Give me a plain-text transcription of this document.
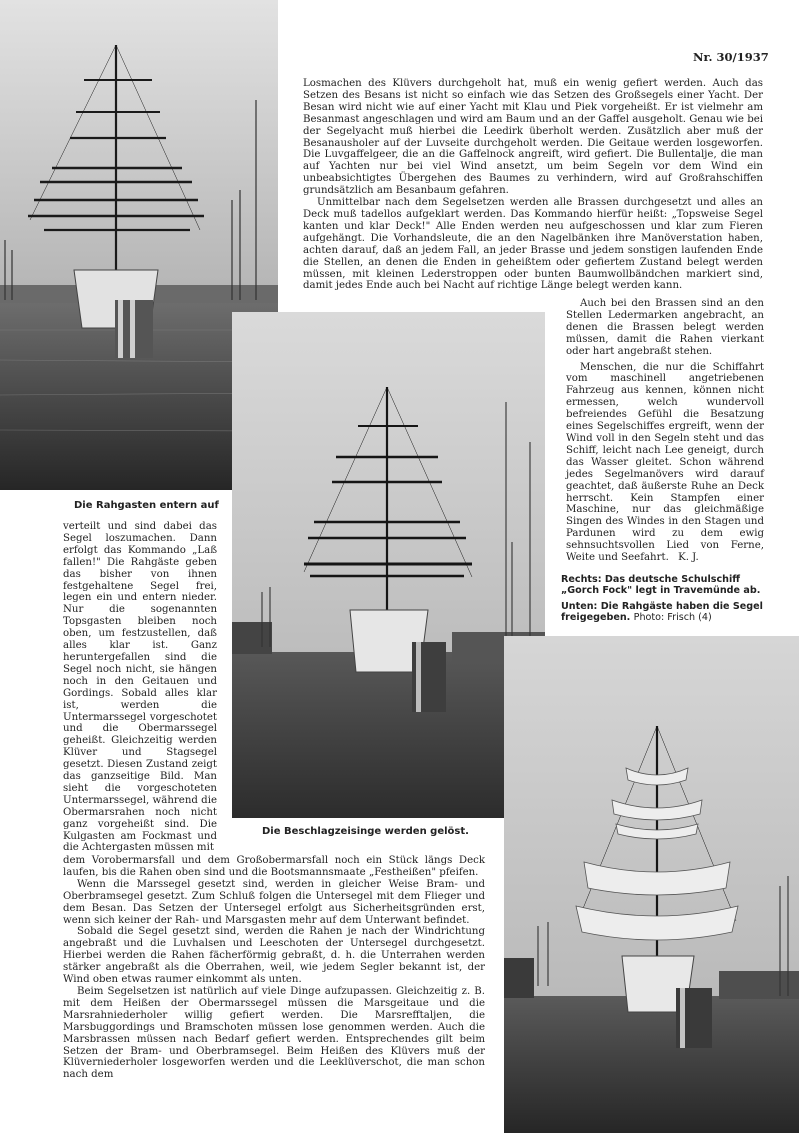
Nr. 30/1937
Die Rahgasten entern auf

Losmachen des Klüvers durchgeholt hat, muß ein wenig gefiert werden. Auch das Setzen des Besans ist nicht so einfach wie das Setzen des Großsegels einer Yacht. Der Besan wird nicht wie auf einer Yacht mit Klau und Piek vorgeheißt. Er ist vielmehr am Besanmast angeschlagen und wird am Baum und an der Gaffel ausgeholt. Genau wie bei der Segelyacht muß hierbei die Leedirk überholt werden. Zusätzlich aber muß der Besanausholer auf der Luvseite durchgeholt werden. Die Geitaue werden losgeworfen. Die Luvgaffelgeer, die an die Gaffelnock angreift, wird gefiert. Die Bullentalje, die man auf Yachten nur bei viel Wind ansetzt, um beim Segeln vor dem Wind ein unbeabsichtigtes Übergehen des Baumes zu verhindern, wird auf Großrahschiffen grundsätzlich am Besanbaum gefahren.

Unmittelbar nach dem Segelsetzen werden alle Brassen durchgesetzt und alles an Deck muß tadellos aufgeklart werden. Das Kommando hierfür heißt: „Topsweise Segel kanten und klar Deck!" Alle Enden werden neu aufgeschossen und klar zum Fieren aufgehängt. Die Vorhandsleute, die an den Nagelbänken ihre Manöverstation haben, achten darauf, daß an jedem Fall, an jeder Brasse und jedem sonstigen laufenden Ende die Stellen, an denen die Enden in geheißtem oder gefiertem Zustand belegt werden müssen, mit kleinen Lederstroppen oder bunten Baumwollbändchen markiert sind, damit jedes Ende auch bei Nacht auf richtige Länge belegt werden kann.

Die Beschlagzeisinge werden gelöst.

Auch bei den Brassen sind an den Stellen Ledermarken angebracht, an denen die Brassen belegt werden müssen, damit die Rahen vierkant oder hart angebraßt stehen.

Menschen, die nur die Schiffahrt vom maschinell angetriebenen Fahrzeug aus kennen, können nicht ermessen, welch wundervoll befreiendes Gefühl die Besatzung eines Segelschiffes ergreift, wenn der Wind voll in den Segeln steht und das Schiff, leicht nach Lee geneigt, durch das Wasser gleitet. Schon während jedes Segelmanövers wird darauf geachtet, daß äußerste Ruhe an Deck herrscht. Kein Stampfen einer Maschine, nur das gleichmäßige Singen des Windes in den Stagen und Pardunen wird zu dem ewig sehnsuchtsvollen Lied von Ferne, Weite und Seefahrt. K. J.

Rechts: Das deutsche Schulschiff „Gorch Fock" legt in Travemünde ab.
Unten: Die Rahgäste haben die Segel freigegeben. Photo: Frisch (4)

verteilt und sind dabei das Segel loszumachen. Dann erfolgt das Kommando „Laß fallen!" Die Rahgäste geben das bisher von ihnen festgehaltene Segel frei, legen ein und entern nieder. Nur die sogenannten Topsgasten bleiben noch oben, um festzustellen, daß alles klar ist. Ganz heruntergefallen sind die Segel noch nicht, sie hängen noch in den Geitauen und Gordings. Sobald alles klar ist, werden die Untermarssegel vorgeschotet und die Obermarssegel geheißt. Gleichzeitig werden Klüver und Stagsegel gesetzt. Diesen Zustand zeigt das ganzseitige Bild. Man sieht die vorgeschoteten Untermarssegel, während die Obermarsrahen noch nicht ganz vorgeheißt sind. Die Kulgasten am Fockmast und die Achtergasten müssen mit

dem Vorobermarsfall und dem Großobermarsfall noch ein Stück längs Deck laufen, bis die Rahen oben sind und die Bootsmannsmaate „Festheißen" pfeifen.

Wenn die Marssegel gesetzt sind, werden in gleicher Weise Bram- und Oberbramsegel gesetzt. Zum Schluß folgen die Untersegel mit dem Flieger und dem Besan. Das Setzen der Untersegel erfolgt aus Sicherheitsgründen erst, wenn sich keiner der Rah- und Marsgasten mehr auf dem Unterwant befindet.

Sobald die Segel gesetzt sind, werden die Rahen je nach der Windrichtung angebraßt und die Luvhalsen und Leeschoten der Untersegel durchgesetzt. Hierbei werden die Rahen fächerförmig gebraßt, d. h. die Unterrahen werden stärker angebraßt als die Oberrahen, weil, wie jedem Segler bekannt ist, der Wind oben etwas raumer einkommt als unten.

Beim Segelsetzen ist natürlich auf viele Dinge aufzupassen. Gleichzeitig z. B. mit dem Heißen der Obermarssegel müssen die Marsgeitaue und die Marsrahniederholer willig gefiert werden. Die Marsrefftaljen, die Marsbuggordings und Bramschoten müssen lose genommen werden. Auch die Marsbrassen müssen nach Bedarf gefiert werden. Entsprechendes gilt beim Setzen der Bram- und Oberbramsegel. Beim Heißen des Klüvers muß der Klüverniederholer losgeworfen werden und die Leeklüverschot, die man schon nach dem
